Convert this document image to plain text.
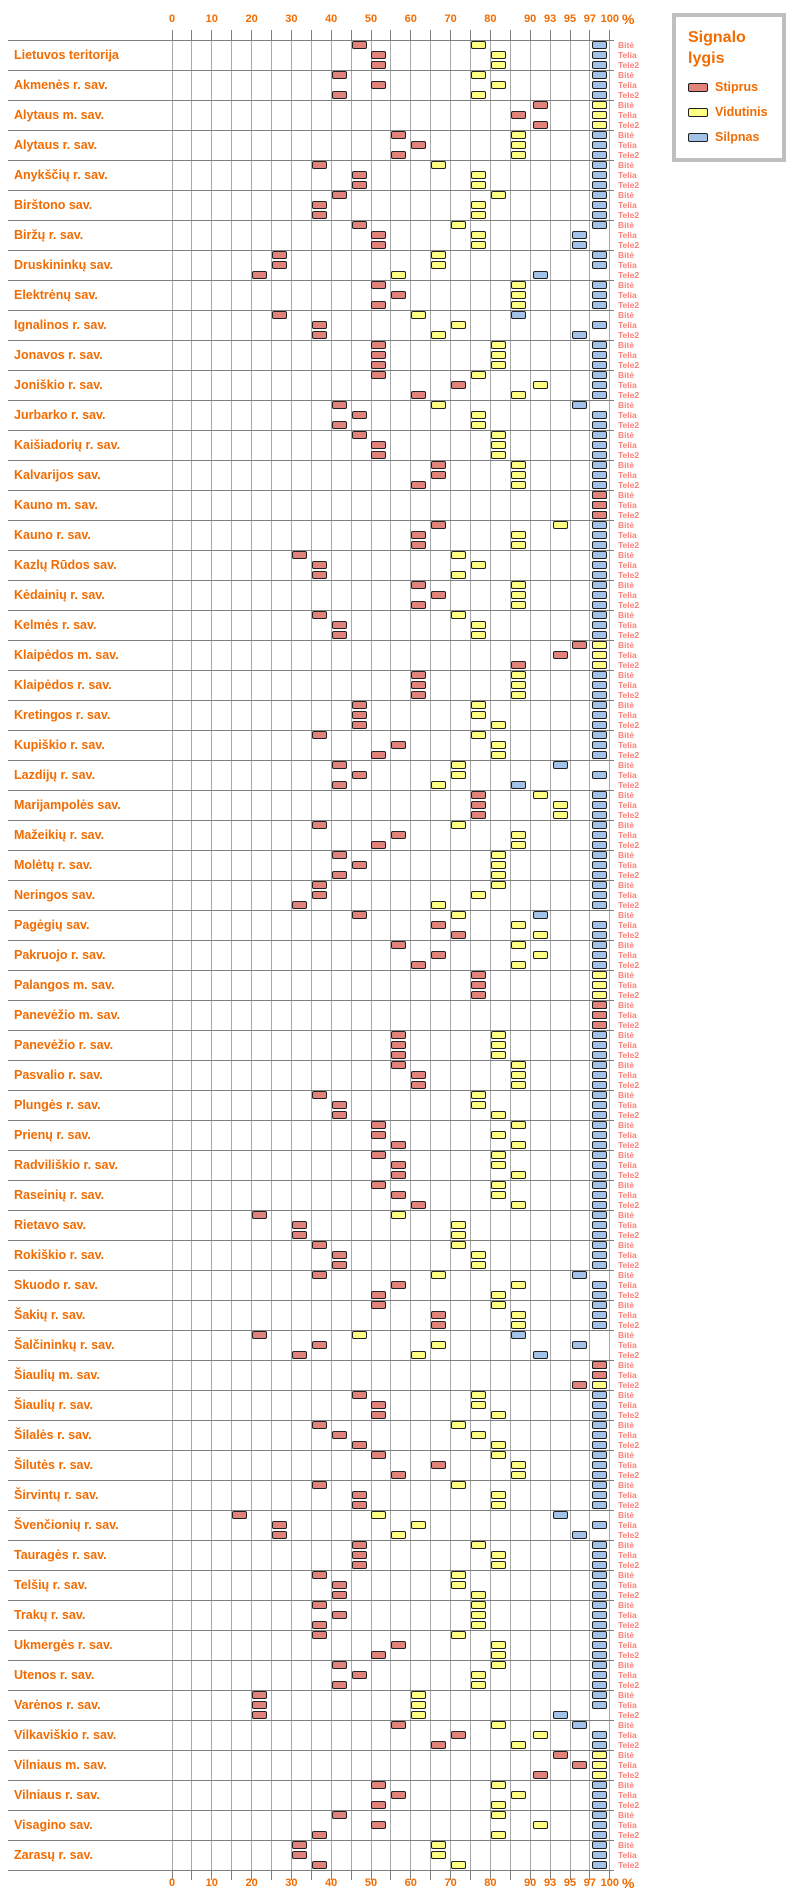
0	10	20	30	40	50	60	70	80	90 93 95 97 100 %
Lietuvos teritorija
Bitė
Telia
Tele2
Akmenės r. sav.
Bitė
Telia
Tele2
Alytaus m. sav.
Bitė
Telia
Tele2
Alytaus r. sav.
Bitė
Telia
Tele2
Anykščių r. sav.
Bitė
Telia
Tele2
Birštono sav.
Bitė
Telia
Tele2
Biržų r. sav.
Bitė
Telia
Tele2
Druskininkų sav.
Bitė
Telia
Tele2
Elektrėnų sav.
Bitė
Telia
Tele2
Ignalinos r. sav.
Bitė
Telia
Tele2
Jonavos r. sav.
Bitė
Telia
Tele2
Joniškio r. sav.
Bitė
Telia
Tele2
Jurbarko r. sav.
Bitė
Telia
Tele2
Kaišiadorių r. sav.
Bitė
Telia
Tele2
Kalvarijos sav.
Bitė
Telia
Tele2
Kauno m. sav.
Bitė
Telia
Tele2
Kauno r. sav.
Bitė
Telia
Tele2
Kazlų Rūdos sav.
Bitė
Telia
Tele2
Kėdainių r. sav.
Bitė
Telia
Tele2
Kelmės r. sav.
Bitė
Telia
Tele2
Klaipėdos m. sav.
Bitė
Telia
Tele2
Klaipėdos r. sav.
Bitė
Telia
Tele2
Kretingos r. sav.
Bitė
Telia
Tele2
Kupiškio r. sav.
Bitė
Telia
Tele2
Lazdijų r. sav.
Bitė
Telia
Tele2
Marijampolės sav.
Bitė
Telia
Tele2
Mažeikių r. sav.
Bitė
Telia
Tele2
Molėtų r. sav.
Bitė
Telia
Tele2
Neringos sav.
Bitė
Telia
Tele2
Pagėgių sav.
Bitė
Telia
Tele2
Pakruojo r. sav.
Bitė
Telia
Tele2
Palangos m. sav.
Bitė
Telia
Tele2
Panevėžio m. sav.
Bitė
Telia
Tele2
Panevėžio r. sav.
Bitė
Telia
Tele2
Pasvalio r. sav.
Bitė
Telia
Tele2
Plungės r. sav.
Bitė
Telia
Tele2
Prienų r. sav.
Bitė
Telia
Tele2
Radviliškio r. sav.
Bitė
Telia
Tele2
Raseinių r. sav.
Bitė
Telia
Tele2
Rietavo sav.
Bitė
Telia
Tele2
Rokiškio r. sav.
Bitė
Telia
Tele2
Skuodo r. sav.
Bitė
Telia
Tele2
Šakių r. sav.
Bitė
Telia
Tele2
Šalčininkų r. sav.
Bitė
Telia
Tele2
Šiaulių m. sav.
Bitė
Telia
Tele2
Šiaulių r. sav.
Bitė
Telia
Tele2
Šilalės r. sav.
Bitė
Telia
Tele2
Šilutės r. sav.
Bitė
Telia
Tele2
Širvintų r. sav.
Bitė
Telia
Tele2
Švenčionių r. sav.
Bitė
Telia
Tele2
Tauragės r. sav.
Bitė
Telia
Tele2
Telšių r. sav.
Bitė
Telia
Tele2
Trakų r. sav.
Bitė
Telia
Tele2
Ukmergės r. sav.
Bitė
Telia
Tele2
Utenos r. sav.
Bitė
Telia
Tele2
Varėnos r. sav.
Bitė
Telia
Tele2
Vilkaviškio r. sav.
Bitė
Telia
Tele2
Vilniaus m. sav.
Bitė
Telia
Tele2
Vilniaus r. sav.
Bitė
Telia
Tele2
Visagino sav.
Bitė
Telia
Tele2
Zarasų r. sav.
Bitė
Telia
Tele2
0	10	20	30	40	50	60	70	80	90 93 95 97 100 %
Signalo lygis
Stiprus
Vidutinis
Silpnas
